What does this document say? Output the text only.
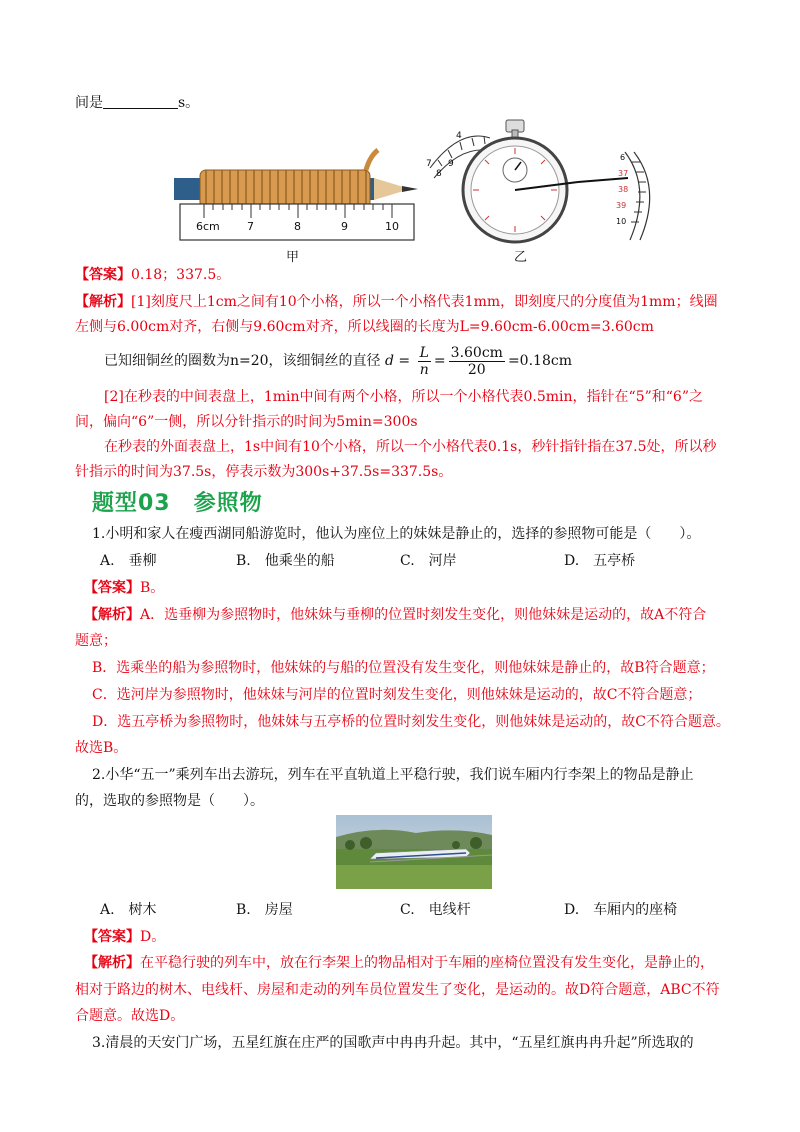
间是	s。
6cm 7	8	9	10
甲
4
7
8
9
6
37
38
39
10
乙
【答案】0.18；337.5。
【解析】[1]刻度尺上1cm之间有10个小格，所以一个小格代表1mm，即刻度尺的分度值为1mm；线圈
左侧与6.00cm对齐，右侧与9.60cm对齐，所以线圈的长度为L=9.60cm-6.00cm=3.60cm
已知细铜丝的圈数为n=20，该细铜丝的直径 $d = \frac{L}{n} = \frac{3.60cm}{20} =0.18cm$
[2]在秒表的中间表盘上，1min中间有两个小格，所以一个小格代表0.5min，指针在“5”和“6”之
间，偏向“6”一侧，所以分针指示的时间为5min=300s
在秒表的外面表盘上，1s中间有10个小格，所以一个小格代表0.1s，秒针指针指在37.5处，所以秒
针指示的时间为37.5s，停表示数为300s+37.5s=337.5s。
题型03　参照物
1.小明和家人在瘦西湖同船游览时，他认为座位上的妹妹是静止的，选择的参照物可能是（　　）。
A.　垂柳	B.　他乘坐的船	C.　河岸	D.　五亭桥
【答案】B。
【解析】A．选垂柳为参照物时，他妹妹与垂柳的位置时刻发生变化，则他妹妹是运动的，故A不符合
题意；
B．选乘坐的船为参照物时，他妹妹的与船的位置没有发生变化，则他妹妹是静止的，故B符合题意；
C．选河岸为参照物时，他妹妹与河岸的位置时刻发生变化，则他妹妹是运动的，故C不符合题意；
D．选五亭桥为参照物时，他妹妹与五亭桥的位置时刻发生变化，则他妹妹是运动的，故C不符合题意。
故选B。
2.小华“五一”乘列车出去游玩，列车在平直轨道上平稳行驶，我们说车厢内行李架上的物品是静止
的，选取的参照物是（　　）。
A.　树木	B.　房屋	C.　电线杆	D.　车厢内的座椅
【答案】D。
【解析】在平稳行驶的列车中，放在行李架上的物品相对于车厢的座椅位置没有发生变化，是静止的，
相对于路边的树木、电线杆、房屋和走动的列车员位置发生了变化，是运动的。故D符合题意，ABC不符
合题意。故选D。
3.清晨的天安门广场，五星红旗在庄严的国歌声中冉冉升起。其中，“五星红旗冉冉升起”所选取的
